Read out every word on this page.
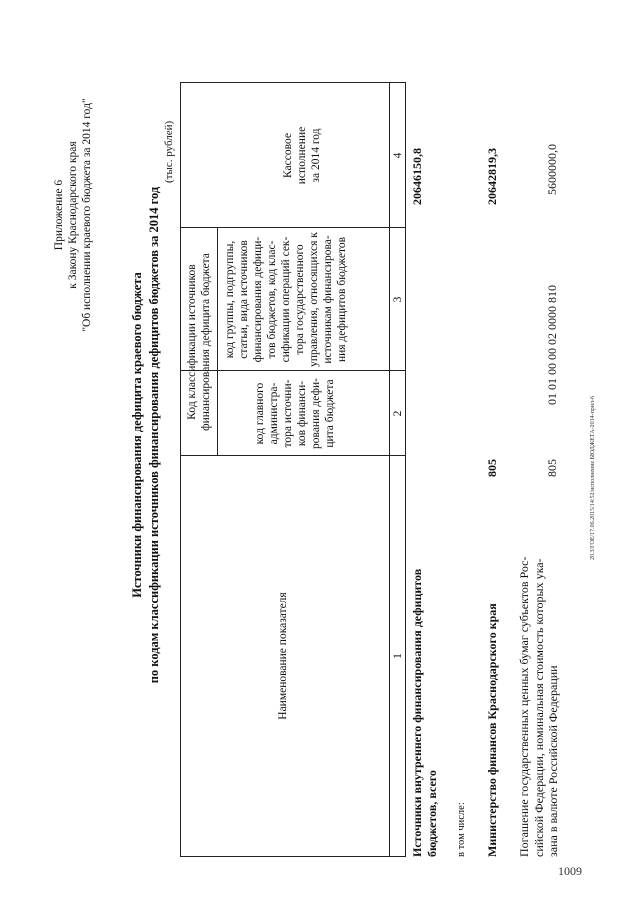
Приложение 6 к Закону Краснодарского края "Об исполнении краевого бюджета за 2014 год"
Источники финансирования дефицита краевого бюджета по кодам классификации источников финансирования дефицитов бюджетов за 2014 год
(тыс. рублей)
Наименование показателя
Код классификации источников финансирования дефицита бюджета	код главного администра- тора источни- ков финанси- рования дефи- цита бюджета
код группы, подгруппы, статьи, вида источников финансирования дефици- тов бюджетов, код клас- сификации операций сек- тора государственного управления, относящихся к источникам финансирова- ния дефицитов бюджетов
Кассовое исполнение за 2014 год
1
2
3
4
Источники внутреннего финансирования дефицитов бюджетов, всего
20646150,8
в том числе: Министерство финансов Краснодарского края
805
20642819,3
Погашение государственных ценных бумаг субъектов Рос- сийской Федерации, номинальная стоимость которых ука- зана в валюте Российской Федерации
805
01 01 00 00 02 0000 810
5600000,0
20.3/ГОЕ/17.06.2015/14:52/исполнение БЮДЖЕТА-2014-прил-6
1009
